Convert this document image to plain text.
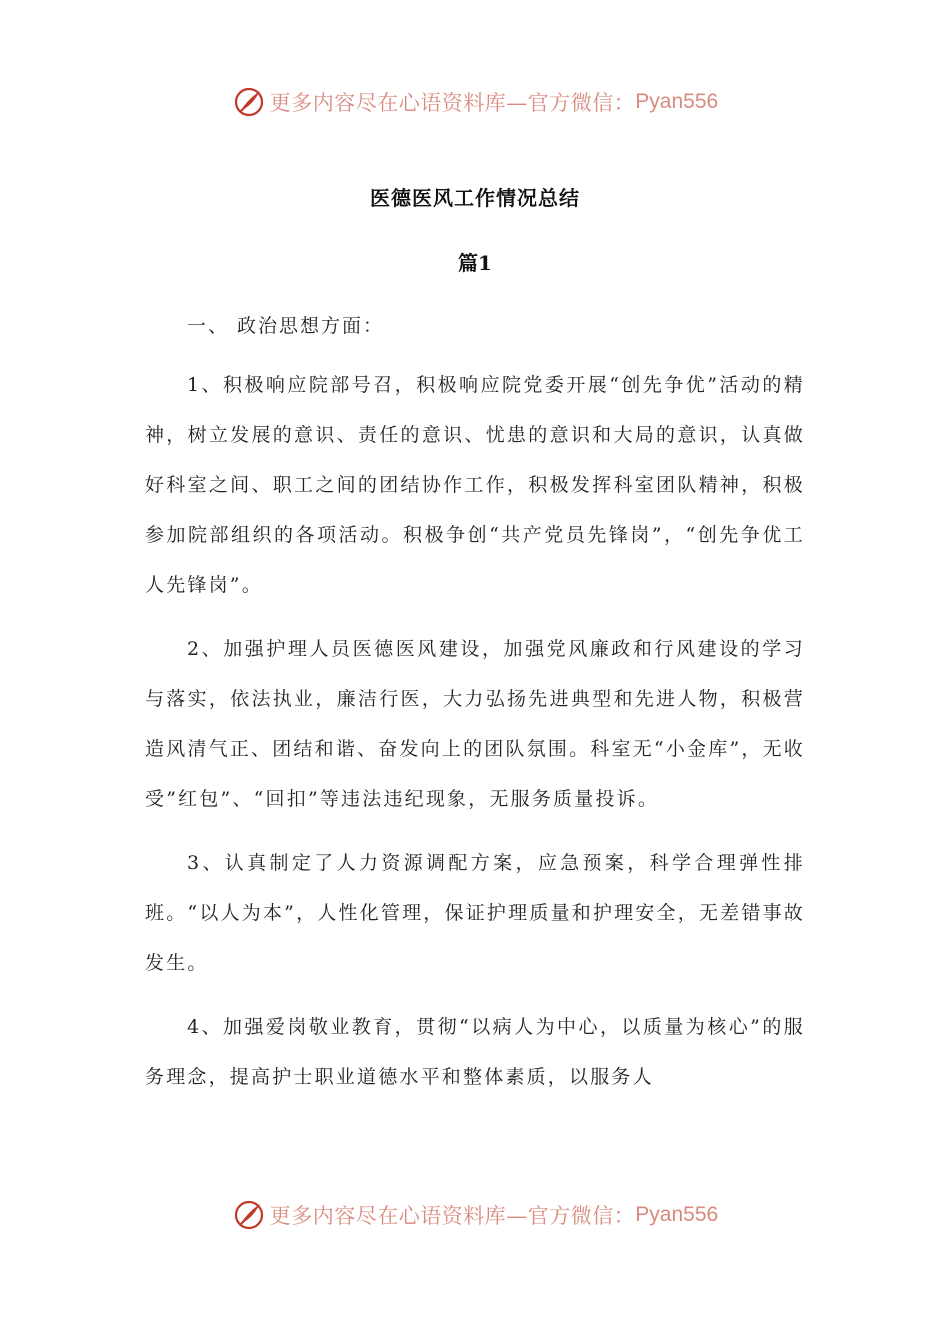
更多内容尽在心语资料库—官方微信： Pyan556
医德医风工作情况总结
篇1

一、 政治思想方面：

1、积极响应院部号召，积极响应院党委开展“创先争优”活动的精神，树立发展的意识、责任的意识、忧患的意识和大局的意识，认真做好科室之间、职工之间的团结协作工作，积极发挥科室团队精神，积极参加院部组织的各项活动。积极争创“共产党员先锋岗”，“创先争优工人先锋岗”。

2、加强护理人员医德医风建设，加强党风廉政和行风建设的学习与落实，依法执业，廉洁行医，大力弘扬先进典型和先进人物，积极营造风清气正、团结和谐、奋发向上的团队氛围。科室无“小金库”，无收受”红包”、“回扣”等违法违纪现象，无服务质量投诉。

3、认真制定了人力资源调配方案，应急预案，科学合理弹性排班。“以人为本”，人性化管理，保证护理质量和护理安全，无差错事故发生。

4、加强爱岗敬业教育，贯彻“以病人为中心，以质量为核心”的服务理念，提高护士职业道德水平和整体素质，以服务人

更多内容尽在心语资料库—官方微信： Pyan556
